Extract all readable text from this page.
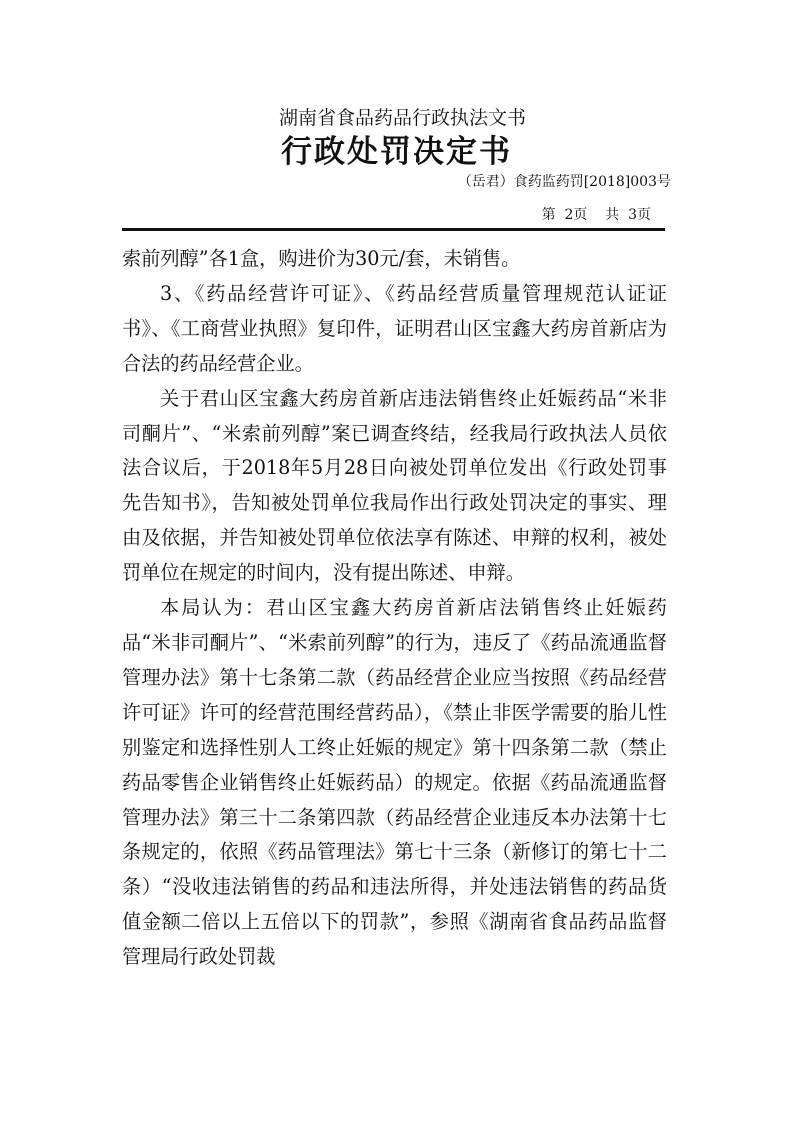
湖南省食品药品行政执法文书
行政处罚决定书
（岳君）食药监药罚[2018]003号
第  2页    共  3页

索前列醇”各1盒，购进价为30元/套，未销售。

3、《药品经营许可证》、《药品经营质量管理规范认证证书》、《工商营业执照》复印件，证明君山区宝鑫大药房首新店为合法的药品经营企业。

关于君山区宝鑫大药房首新店违法销售终止妊娠药品“米非司酮片”、“米索前列醇”案已调查终结，经我局行政执法人员依法合议后，于2018年5月28日向被处罚单位发出《行政处罚事先告知书》，告知被处罚单位我局作出行政处罚决定的事实、理由及依据，并告知被处罚单位依法享有陈述、申辩的权利，被处罚单位在规定的时间内，没有提出陈述、申辩。

本局认为：君山区宝鑫大药房首新店法销售终止妊娠药品“米非司酮片”、“米索前列醇”的行为，违反了《药品流通监督管理办法》第十七条第二款（药品经营企业应当按照《药品经营许可证》许可的经营范围经营药品），《禁止非医学需要的胎儿性别鉴定和选择性别人工终止妊娠的规定》第十四条第二款（禁止药品零售企业销售终止妊娠药品）的规定。依据《药品流通监督管理办法》第三十二条第四款（药品经营企业违反本办法第十七条规定的，依照《药品管理法》第七十三条（新修订的第七十二条）“没收违法销售的药品和违法所得，并处违法销售的药品货值金额二倍以上五倍以下的罚款”，参照《湖南省食品药品监督管理局行政处罚裁
